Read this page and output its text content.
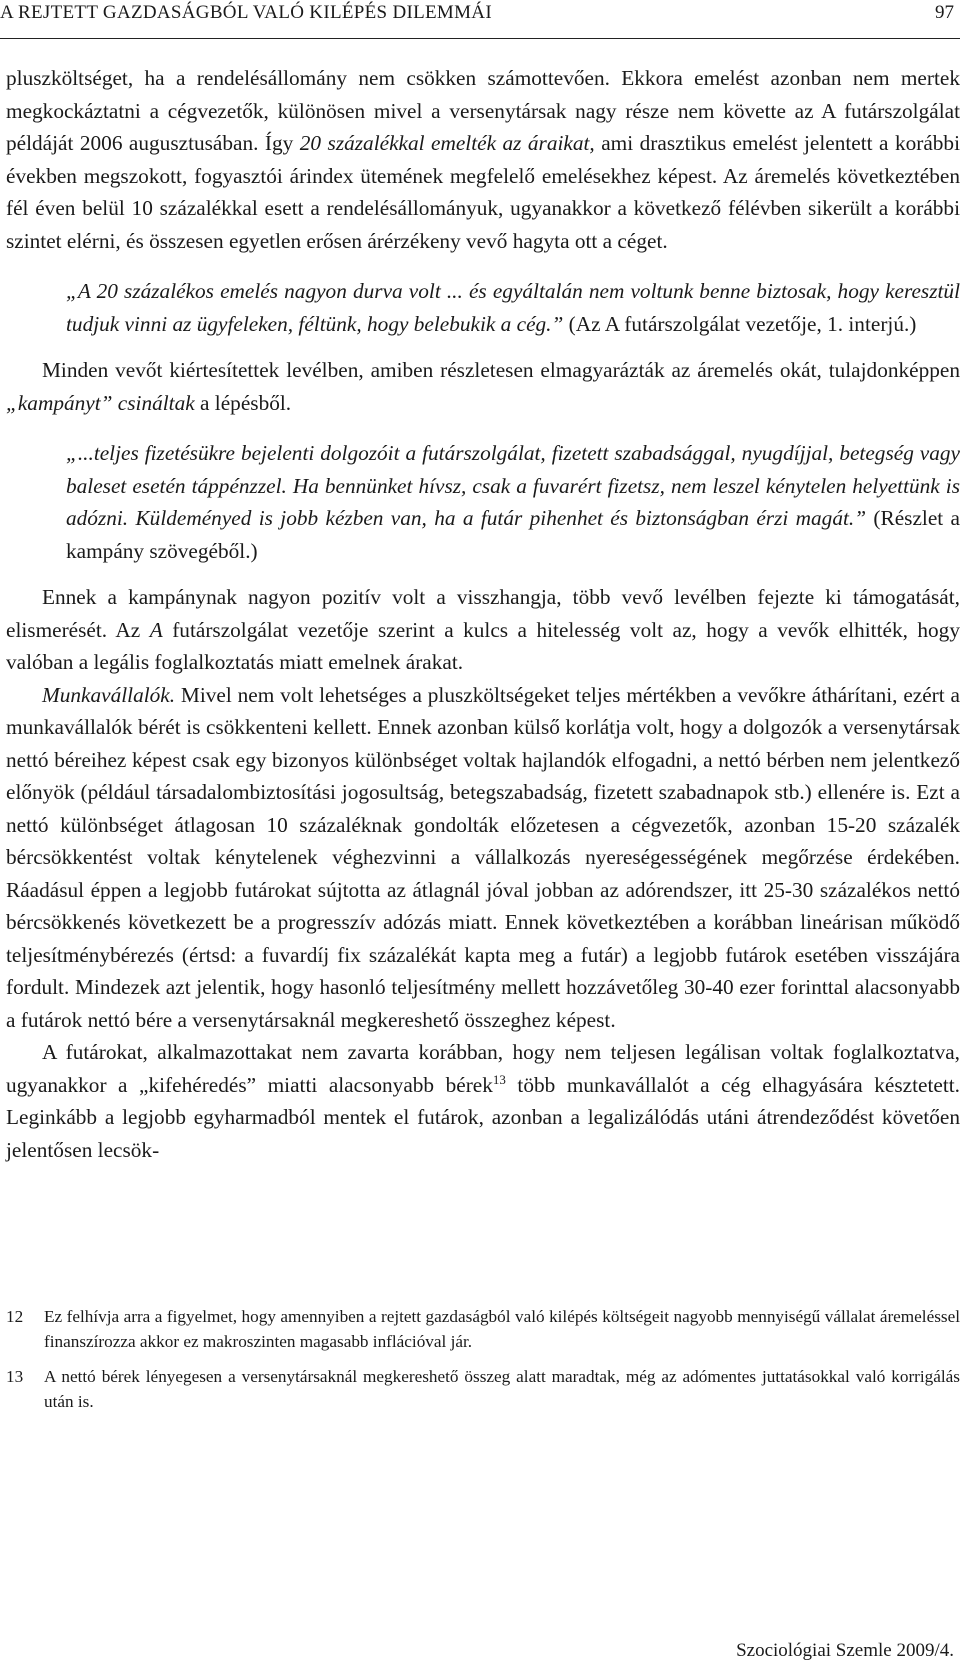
A REJTETT GAZDASÁGBÓL VALÓ KILÉPÉS DILEMMÁI	97

pluszköltséget, ha a rendelésállomány nem csökken számottevően. Ekkora emelést azonban nem mertek megkockáztatni a cégvezetők, különösen mivel a versenytársak nagy része nem követte az A futárszolgálat példáját 2006 augusztusában. Így 20 százalékkal emelték az áraikat, ami drasztikus emelést jelentett a korábbi években megszokott, fogyasztói árindex ütemének megfelelő emelésekhez képest. Az áremelés következtében fél éven belül 10 százalékkal esett a rendelésállományuk, ugyanakkor a következő félévben sikerült a korábbi szintet elérni, és összesen egyetlen erősen árérzékeny vevő hagyta ott a céget.

„A 20 százalékos emelés nagyon durva volt ... és egyáltalán nem voltunk benne biztosak, hogy keresztül tudjuk vinni az ügyfeleken, féltünk, hogy belebukik a cég.” (Az A futárszolgálat vezetője, 1. interjú.)

Minden vevőt kiértesítettek levélben, amiben részletesen elmagyarázták az áremelés okát, tulajdonképpen „kampányt” csináltak a lépésből.

„...teljes fizetésükre bejelenti dolgozóit a futárszolgálat, fizetett szabadsággal, nyugdíjjal, betegség vagy baleset esetén táppénzzel. Ha bennünket hívsz, csak a fuvarért fizetsz, nem leszel kénytelen helyettünk is adózni. Küldeményed is jobb kézben van, ha a futár pihenhet és biztonságban érzi magát.” (Részlet a kampány szövegéből.)

Ennek a kampánynak nagyon pozitív volt a visszhangja, több vevő levélben fejezte ki támogatását, elismerését. Az A futárszolgálat vezetője szerint a kulcs a hitelesség volt az, hogy a vevők elhitték, hogy valóban a legális foglalkoztatás miatt emelnek árakat.

Munkavállalók. Mivel nem volt lehetséges a pluszköltségeket teljes mértékben a vevőkre áthárítani, ezért a munkavállalók bérét is csökkenteni kellett. Ennek azonban külső korlátja volt, hogy a dolgozók a versenytársak nettó béreihez képest csak egy bizonyos különbséget voltak hajlandók elfogadni, a nettó bérben nem jelentkező előnyök (például társadalombiztosítási jogosultság, betegszabadság, fizetett szabadnapok stb.) ellenére is. Ezt a nettó különbséget átlagosan 10 százaléknak gondolták előzetesen a cégvezetők, azonban 15-20 százalék bércsökkentést voltak kénytelenek véghezvinni a vállalkozás nyereségességének megőrzése érdekében. Ráadásul éppen a legjobb futárokat sújtotta az átlagnál jóval jobban az adórendszer, itt 25-30 százalékos nettó bércsökkenés következett be a progresszív adózás miatt. Ennek következtében a korábban lineárisan működő teljesítménybérezés (értsd: a fuvardíj fix százalékát kapta meg a futár) a legjobb futárok esetében visszájára fordult. Mindezek azt jelentik, hogy hasonló teljesítmény mellett hozzávetőleg 30-40 ezer forinttal alacsonyabb a futárok nettó bére a versenytársaknál megkereshető összeghez képest.

A futárokat, alkalmazottakat nem zavarta korábban, hogy nem teljesen legálisan voltak foglalkoztatva, ugyanakkor a „kifehéredés” miatti alacsonyabb bérek$^{13}$ több munkavállalót a cég elhagyására késztetett. Leginkább a legjobb egyharmadból mentek el futárok, azonban a legalizálódás utáni átrendeződést követően jelentősen lecsök-

12 Ez felhívja arra a figyelmet, hogy amennyiben a rejtett gazdaságból való kilépés költségeit nagyobb mennyiségű vállalat áremeléssel finanszírozza akkor ez makroszinten magasabb inflációval jár.
13 A nettó bérek lényegesen a versenytársaknál megkereshető összeg alatt maradtak, még az adómentes juttatásokkal való korrigálás után is.
Szociológiai Szemle 2009/4.
